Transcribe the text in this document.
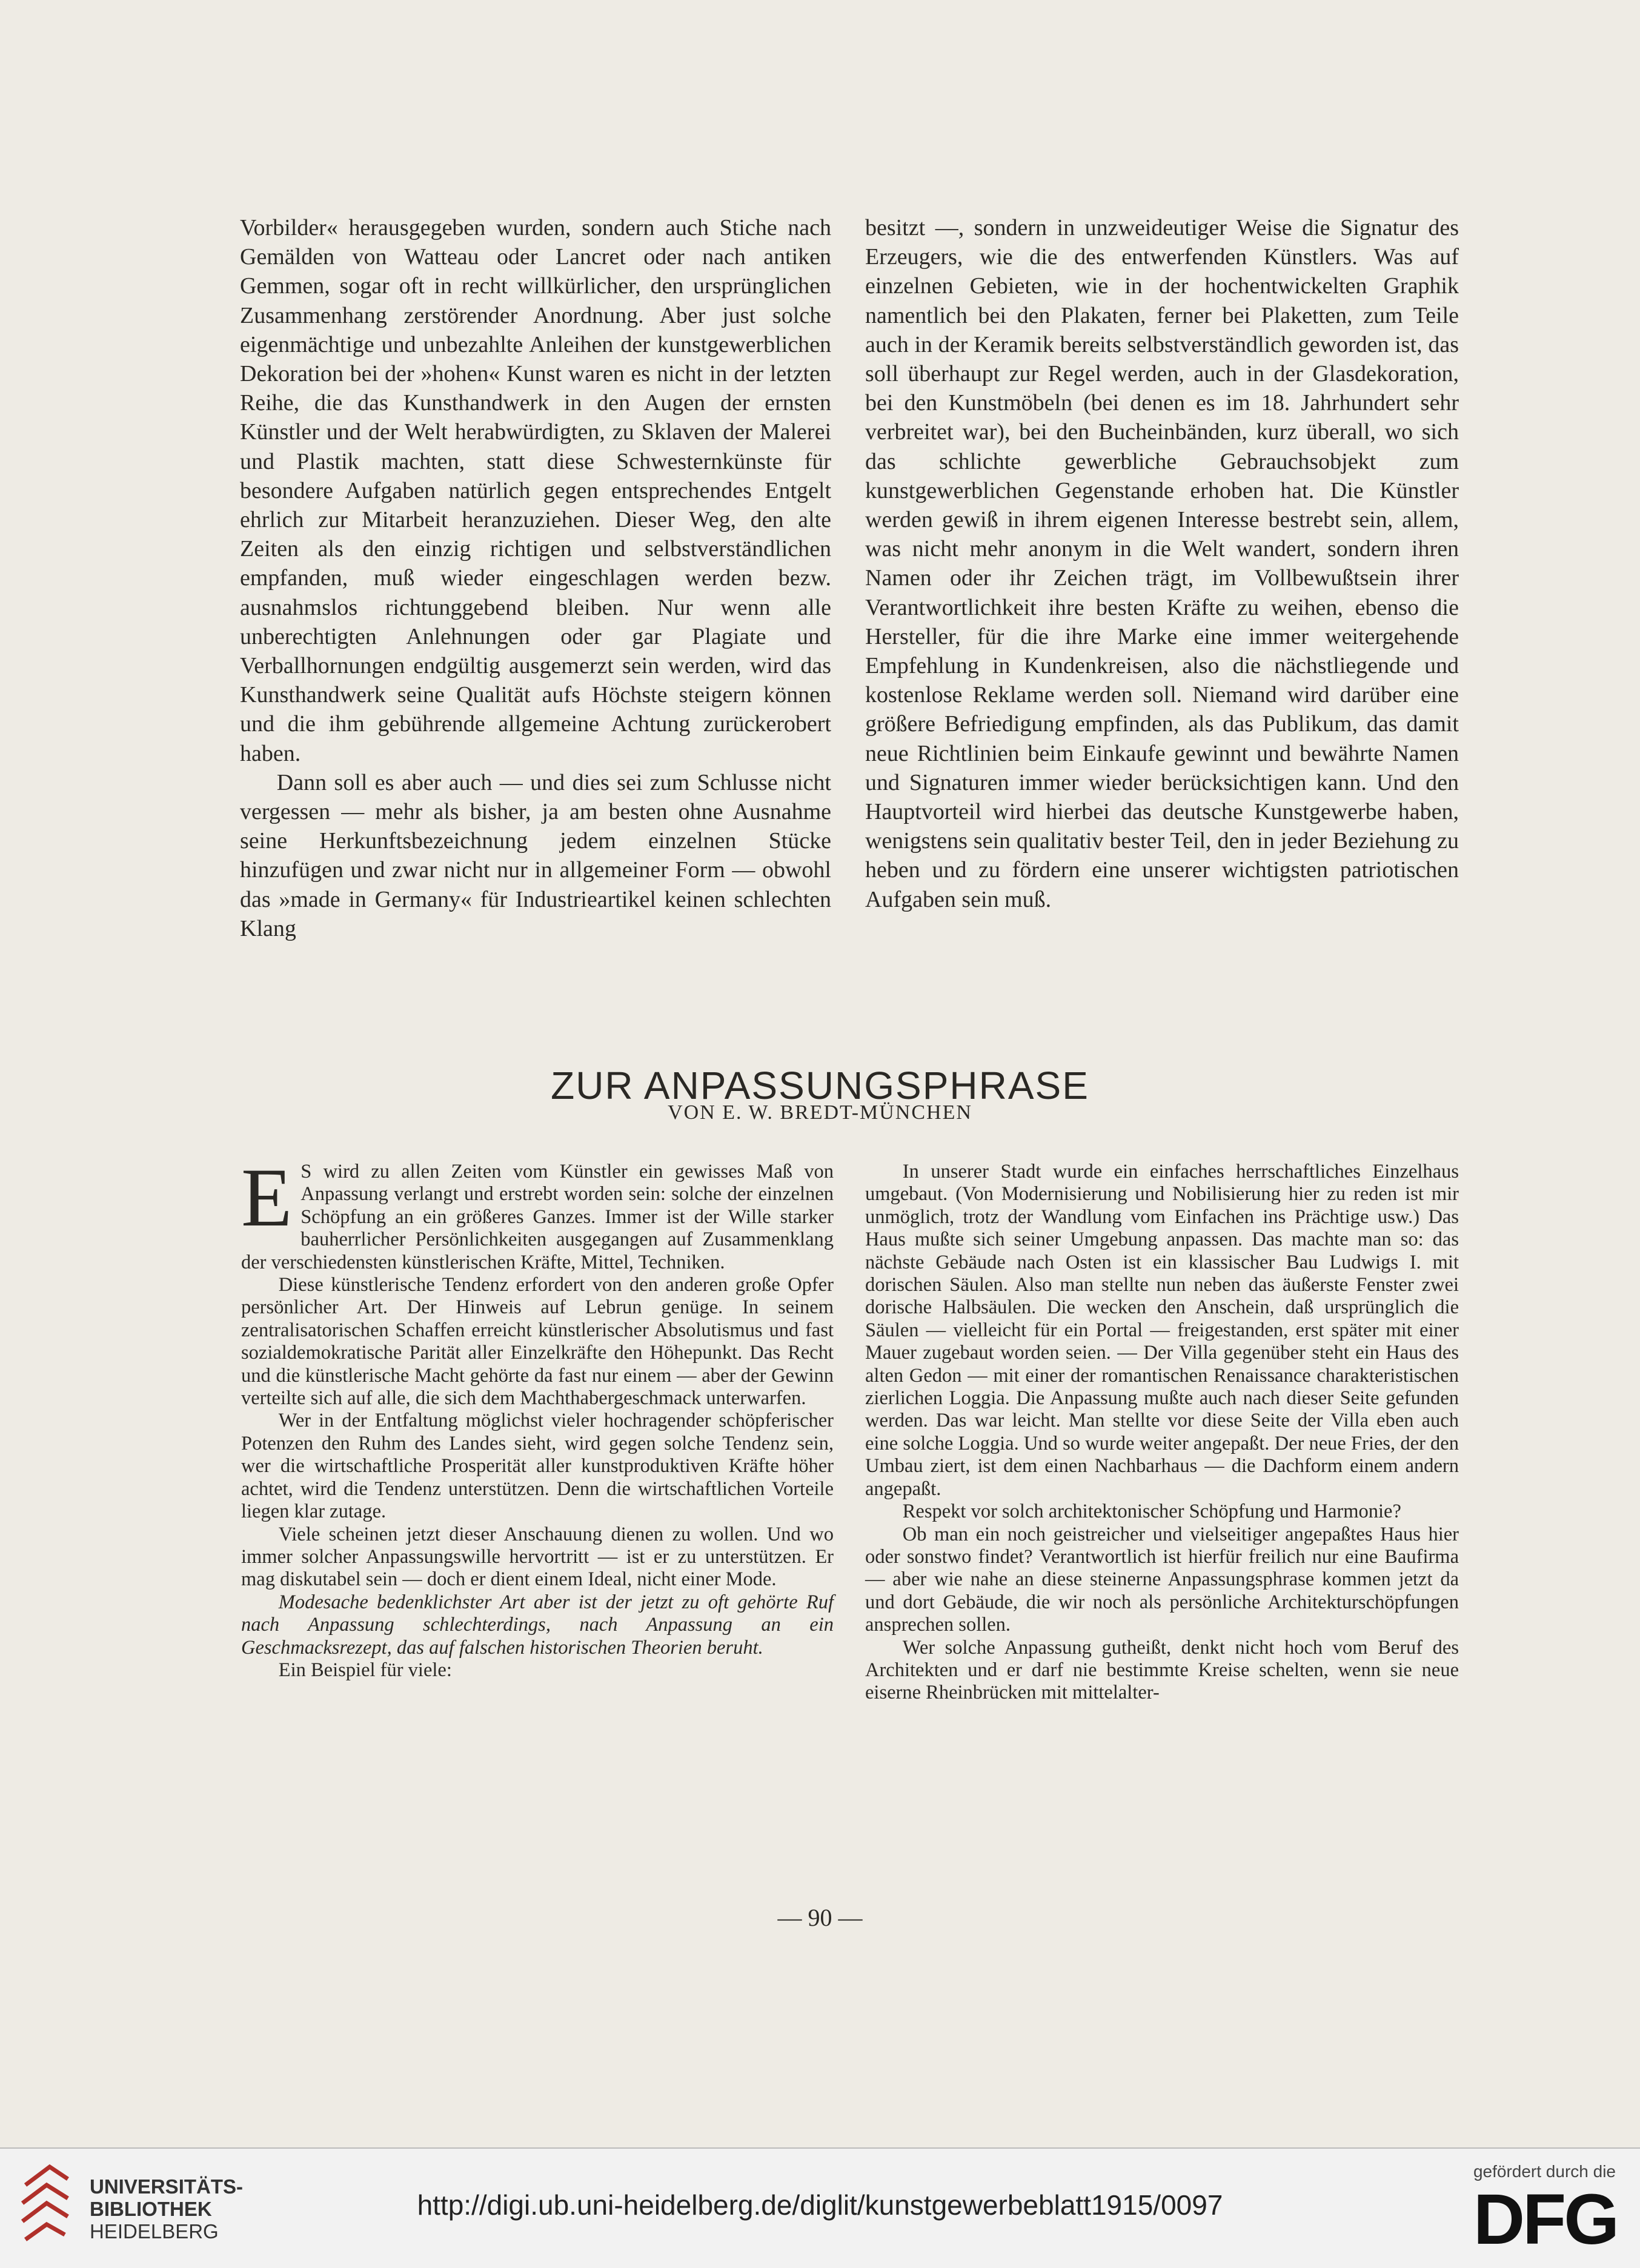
Vorbilder« herausgegeben wurden, sondern auch Stiche nach Gemälden von Watteau oder Lancret oder nach antiken Gemmen, sogar oft in recht willkürlicher, den ursprünglichen Zusammenhang zerstörender Anordnung. Aber just solche eigenmächtige und unbezahlte Anleihen der kunstgewerblichen Dekoration bei der »hohen« Kunst waren es nicht in der letzten Reihe, die das Kunsthandwerk in den Augen der ernsten Künstler und der Welt herabwürdigten, zu Sklaven der Malerei und Plastik machten, statt diese Schwesternkünste für besondere Aufgaben natürlich gegen entsprechendes Entgelt ehrlich zur Mitarbeit heranzuziehen. Dieser Weg, den alte Zeiten als den einzig richtigen und selbstverständlichen empfanden, muß wieder eingeschlagen werden bezw. ausnahmslos richtunggebend bleiben. Nur wenn alle unberechtigten Anlehnungen oder gar Plagiate und Verballhornungen endgültig ausgemerzt sein werden, wird das Kunsthandwerk seine Qualität aufs Höchste steigern können und die ihm gebührende allgemeine Achtung zurückerobert haben.

Dann soll es aber auch — und dies sei zum Schlusse nicht vergessen — mehr als bisher, ja am besten ohne Ausnahme seine Herkunftsbezeichnung jedem einzelnen Stücke hinzufügen und zwar nicht nur in allgemeiner Form — obwohl das »made in Germany« für Industrieartikel keinen schlechten Klang

besitzt —, sondern in unzweideutiger Weise die Signatur des Erzeugers, wie die des entwerfenden Künstlers. Was auf einzelnen Gebieten, wie in der hochentwickelten Graphik namentlich bei den Plakaten, ferner bei Plaketten, zum Teile auch in der Keramik bereits selbstverständlich geworden ist, das soll überhaupt zur Regel werden, auch in der Glasdekoration, bei den Kunstmöbeln (bei denen es im 18. Jahrhundert sehr verbreitet war), bei den Bucheinbänden, kurz überall, wo sich das schlichte gewerbliche Gebrauchsobjekt zum kunstgewerblichen Gegenstande erhoben hat. Die Künstler werden gewiß in ihrem eigenen Interesse bestrebt sein, allem, was nicht mehr anonym in die Welt wandert, sondern ihren Namen oder ihr Zeichen trägt, im Vollbewußtsein ihrer Verantwortlichkeit ihre besten Kräfte zu weihen, ebenso die Hersteller, für die ihre Marke eine immer weitergehende Empfehlung in Kundenkreisen, also die nächstliegende und kostenlose Reklame werden soll. Niemand wird darüber eine größere Befriedigung empfinden, als das Publikum, das damit neue Richtlinien beim Einkaufe gewinnt und bewährte Namen und Signaturen immer wieder berücksichtigen kann. Und den Hauptvorteil wird hierbei das deutsche Kunstgewerbe haben, wenigstens sein qualitativ bester Teil, den in jeder Beziehung zu heben und zu fördern eine unserer wichtigsten patriotischen Aufgaben sein muß.

ZUR ANPASSUNGSPHRASE
VON E. W. BREDT-MÜNCHEN

E S wird zu allen Zeiten vom Künstler ein gewisses Maß von Anpassung verlangt und erstrebt worden sein: solche der einzelnen Schöpfung an ein größeres Ganzes. Immer ist der Wille starker bauherrlicher Persönlichkeiten ausgegangen auf Zusammenklang der verschiedensten künstlerischen Kräfte, Mittel, Techniken.

Diese künstlerische Tendenz erfordert von den anderen große Opfer persönlicher Art. Der Hinweis auf Lebrun genüge. In seinem zentralisatorischen Schaffen erreicht künstlerischer Absolutismus und fast sozialdemokratische Parität aller Einzelkräfte den Höhepunkt. Das Recht und die künstlerische Macht gehörte da fast nur einem — aber der Gewinn verteilte sich auf alle, die sich dem Machthabergeschmack unterwarfen.

Wer in der Entfaltung möglichst vieler hochragender schöpferischer Potenzen den Ruhm des Landes sieht, wird gegen solche Tendenz sein, wer die wirtschaftliche Prosperität aller kunstproduktiven Kräfte höher achtet, wird die Tendenz unterstützen. Denn die wirtschaftlichen Vorteile liegen klar zutage.

Viele scheinen jetzt dieser Anschauung dienen zu wollen. Und wo immer solcher Anpassungswille hervortritt — ist er zu unterstützen. Er mag diskutabel sein — doch er dient einem Ideal, nicht einer Mode.

Modesache bedenklichster Art aber ist der jetzt zu oft gehörte Ruf nach Anpassung schlechterdings, nach Anpassung an ein Geschmacksrezept, das auf falschen historischen Theorien beruht.

Ein Beispiel für viele:

In unserer Stadt wurde ein einfaches herrschaftliches Einzelhaus umgebaut. (Von Modernisierung und Nobilisierung hier zu reden ist mir unmöglich, trotz der Wandlung vom Einfachen ins Prächtige usw.) Das Haus mußte sich seiner Umgebung anpassen. Das machte man so: das nächste Gebäude nach Osten ist ein klassischer Bau Ludwigs I. mit dorischen Säulen. Also man stellte nun neben das äußerste Fenster zwei dorische Halbsäulen. Die wecken den Anschein, daß ursprünglich die Säulen — vielleicht für ein Portal — freigestanden, erst später mit einer Mauer zugebaut worden seien. — Der Villa gegenüber steht ein Haus des alten Gedon — mit einer der romantischen Renaissance charakteristischen zierlichen Loggia. Die Anpassung mußte auch nach dieser Seite gefunden werden. Das war leicht. Man stellte vor diese Seite der Villa eben auch eine solche Loggia. Und so wurde weiter angepaßt. Der neue Fries, der den Umbau ziert, ist dem einen Nachbarhaus — die Dachform einem andern angepaßt.

Respekt vor solch architektonischer Schöpfung und Harmonie?

Ob man ein noch geistreicher und vielseitiger angepaßtes Haus hier oder sonstwo findet? Verantwortlich ist hierfür freilich nur eine Baufirma — aber wie nahe an diese steinerne Anpassungsphrase kommen jetzt da und dort Gebäude, die wir noch als persönliche Architekturschöpfungen ansprechen sollen.

Wer solche Anpassung gutheißt, denkt nicht hoch vom Beruf des Architekten und er darf nie bestimmte Kreise schelten, wenn sie neue eiserne Rheinbrücken mit mittelalter-

— 90 —
UNIVERSITÄTS-
BIBLIOTHEK
HEIDELBERG
http://digi.ub.uni-heidelberg.de/diglit/kunstgewerbeblatt1915/0097
gefördert durch die
DFG
